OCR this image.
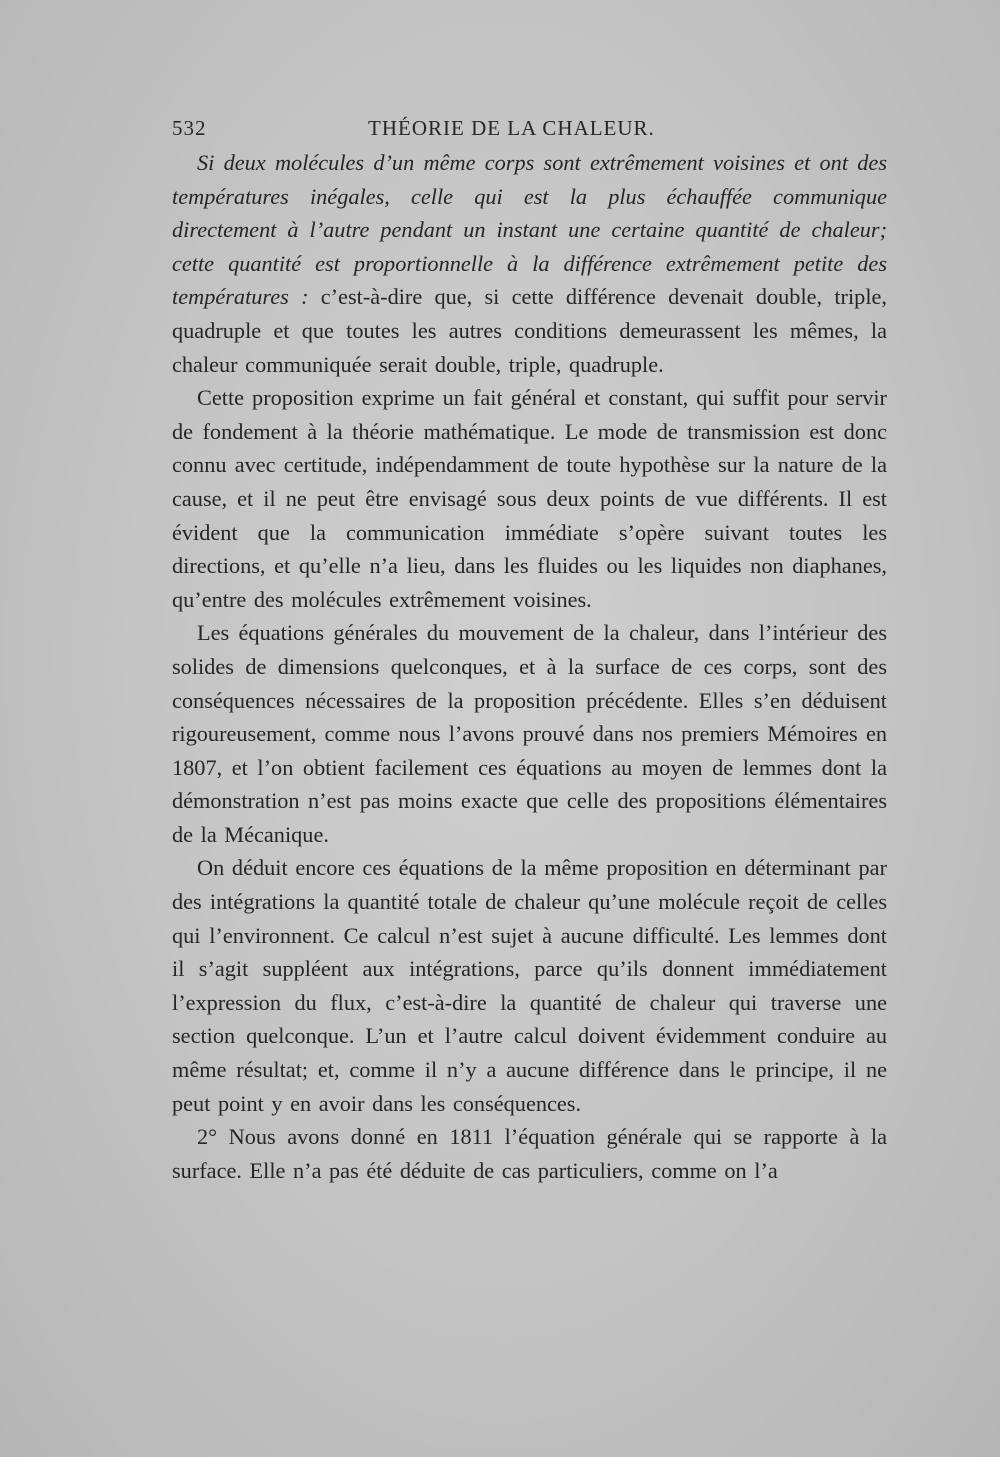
532	THÉORIE DE LA CHALEUR.

Si deux molécules d’un même corps sont extrêmement voisines et ont des températures inégales, celle qui est la plus échauffée communique directement à l’autre pendant un instant une certaine quantité de chaleur; cette quantité est proportionnelle à la différence extrêmement petite des températures : c’est-à-dire que, si cette différence devenait double, triple, quadruple et que toutes les autres conditions demeurassent les mêmes, la chaleur communiquée serait double, triple, quadruple.

Cette proposition exprime un fait général et constant, qui suffit pour servir de fondement à la théorie mathématique. Le mode de transmission est donc connu avec certitude, indépendamment de toute hypothèse sur la nature de la cause, et il ne peut être envisagé sous deux points de vue différents. Il est évident que la communication immédiate s’opère suivant toutes les directions, et qu’elle n’a lieu, dans les fluides ou les liquides non diaphanes, qu’entre des molécules extrêmement voisines.

Les équations générales du mouvement de la chaleur, dans l’intérieur des solides de dimensions quelconques, et à la surface de ces corps, sont des conséquences nécessaires de la proposition précédente. Elles s’en déduisent rigoureusement, comme nous l’avons prouvé dans nos premiers Mémoires en 1807, et l’on obtient facilement ces équations au moyen de lemmes dont la démonstration n’est pas moins exacte que celle des propositions élémentaires de la Mécanique.

On déduit encore ces équations de la même proposition en déterminant par des intégrations la quantité totale de chaleur qu’une molécule reçoit de celles qui l’environnent. Ce calcul n’est sujet à aucune difficulté. Les lemmes dont il s’agit suppléent aux intégrations, parce qu’ils donnent immédiatement l’expression du flux, c’est-à-dire la quantité de chaleur qui traverse une section quelconque. L’un et l’autre calcul doivent évidemment conduire au même résultat; et, comme il n’y a aucune différence dans le principe, il ne peut point y en avoir dans les conséquences.

2° Nous avons donné en 1811 l’équation générale qui se rapporte à la surface. Elle n’a pas été déduite de cas particuliers, comme on l’a
